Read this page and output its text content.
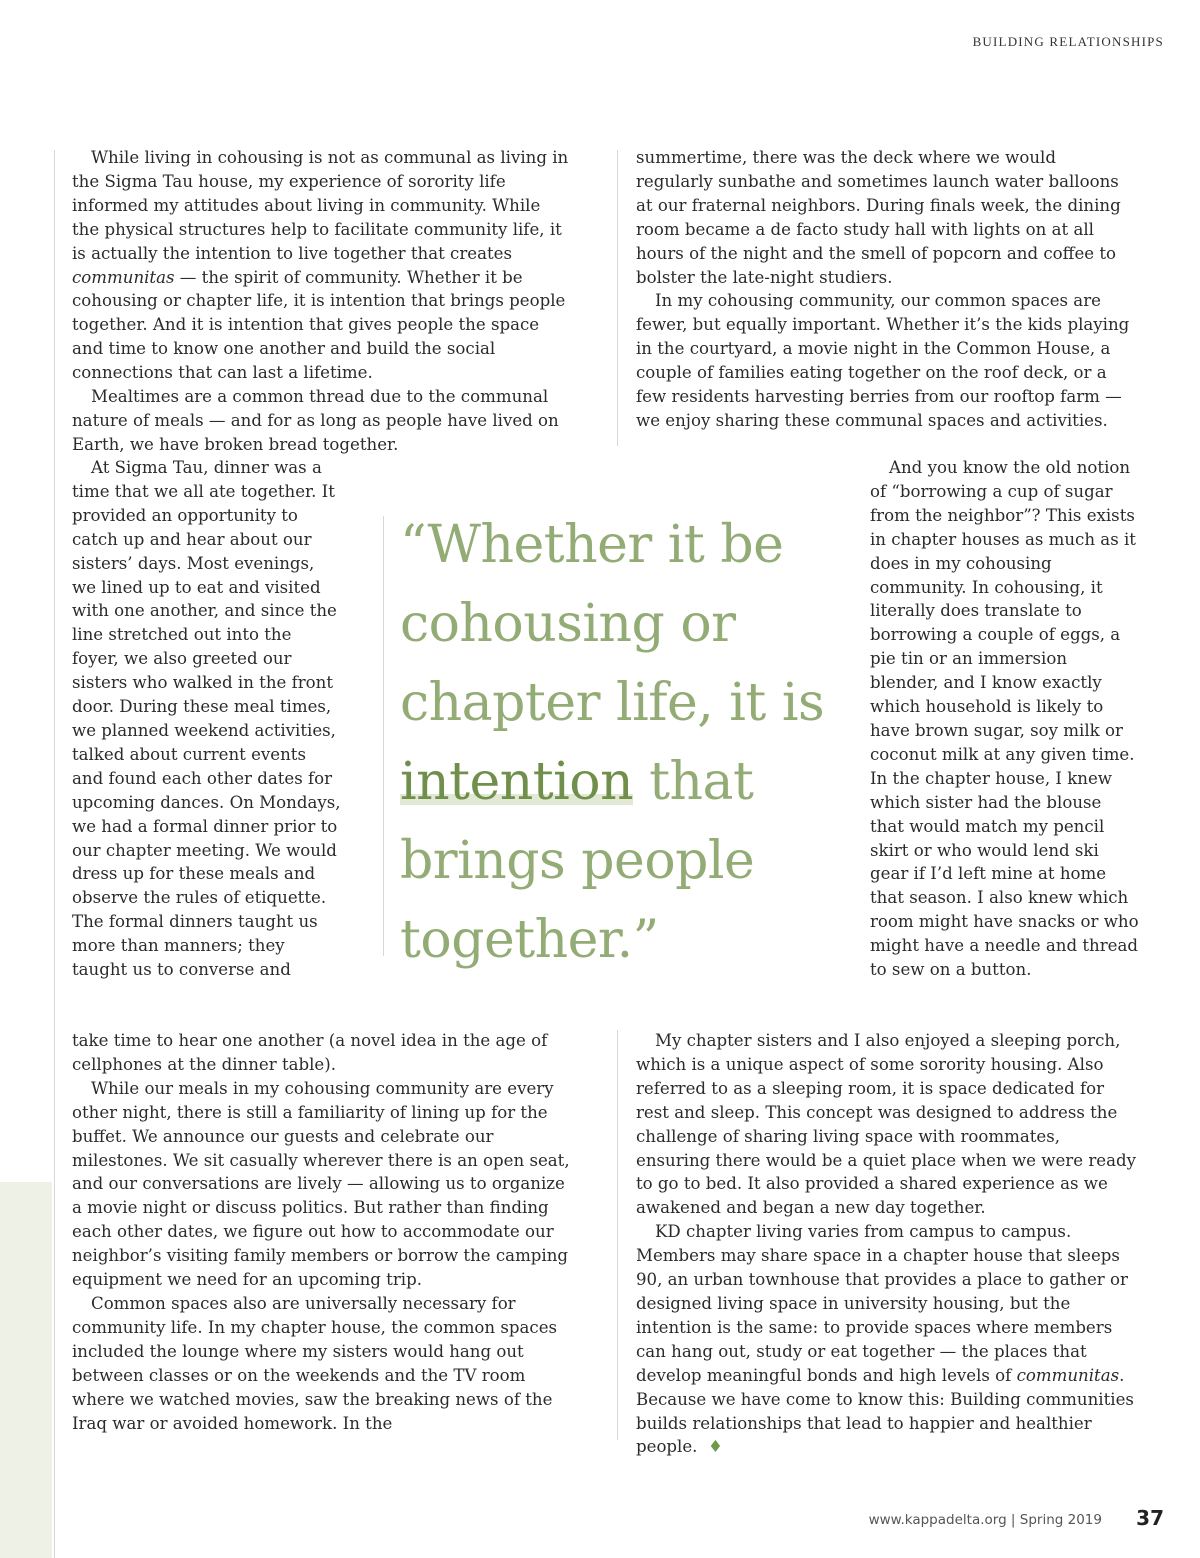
BUILDING RELATIONSHIPS

While living in cohousing is not as communal as living in the Sigma Tau house, my experience of sorority life informed my attitudes about living in community. While the physical structures help to facilitate community life, it is actually the intention to live together that creates communitas — the spirit of community. Whether it be cohousing or chapter life, it is intention that brings people together. And it is intention that gives people the space and time to know one another and build the social connections that can last a lifetime.

Mealtimes are a common thread due to the communal nature of meals — and for as long as people have lived on Earth, we have broken bread together.

At Sigma Tau, dinner was a time that we all ate together. It provided an opportunity to catch up and hear about our sisters’ days. Most evenings, we lined up to eat and visited with one another, and since the line stretched out into the foyer, we also greeted our sisters who walked in the front door. During these meal times, we planned weekend activities, talked about current events and found each other dates for upcoming dances. On Mondays, we had a formal dinner prior to our chapter meeting. We would dress up for these meals and observe the rules of etiquette. The formal dinners taught us more than manners; they taught us to converse and

take time to hear one another (a novel idea in the age of cellphones at the dinner table).

While our meals in my cohousing community are every other night, there is still a familiarity of lining up for the buffet. We announce our guests and celebrate our milestones. We sit casually wherever there is an open seat, and our conversations are lively — allowing us to organize a movie night or discuss politics. But rather than finding each other dates, we figure out how to accommodate our neighbor’s visiting family members or borrow the camping equipment we need for an upcoming trip.

Common spaces also are universally necessary for community life. In my chapter house, the common spaces included the lounge where my sisters would hang out between classes or on the weekends and the TV room where we watched movies, saw the breaking news of the Iraq war or avoided homework. In the

summertime, there was the deck where we would regularly sunbathe and sometimes launch water balloons at our fraternal neighbors. During finals week, the dining room became a de facto study hall with lights on at all hours of the night and the smell of popcorn and coffee to bolster the late-night studiers.

In my cohousing community, our common spaces are fewer, but equally important. Whether it’s the kids playing in the courtyard, a movie night in the Common House, a couple of families eating together on the roof deck, or a few residents harvesting berries from our rooftop farm — we enjoy sharing these communal spaces and activities.

And you know the old notion of “borrowing a cup of sugar from the neighbor”? This exists in chapter houses as much as it does in my cohousing community. In cohousing, it literally does translate to borrowing a couple of eggs, a pie tin or an immersion blender, and I know exactly which household is likely to have brown sugar, soy milk or coconut milk at any given time. In the chapter house, I knew which sister had the blouse that would match my pencil skirt or who would lend ski gear if I’d left mine at home that season. I also knew which room might have snacks or who might have a needle and thread to sew on a button.

My chapter sisters and I also enjoyed a sleeping porch, which is a unique aspect of some sorority housing. Also referred to as a sleeping room, it is space dedicated for rest and sleep. This concept was designed to address the challenge of sharing living space with roommates, ensuring there would be a quiet place when we were ready to go to bed. It also provided a shared experience as we awakened and began a new day together.

KD chapter living varies from campus to campus. Members may share space in a chapter house that sleeps 90, an urban townhouse that provides a place to gather or designed living space in university housing, but the intention is the same: to provide spaces where members can hang out, study or eat together — the places that develop meaningful bonds and high levels of communitas. Because we have come to know this: Building communities builds relationships that lead to happier and healthier people. ♦

“Whether it be cohousing or chapter life, it is intention that brings people together.”
www.kappadelta.org | Spring 2019 37
